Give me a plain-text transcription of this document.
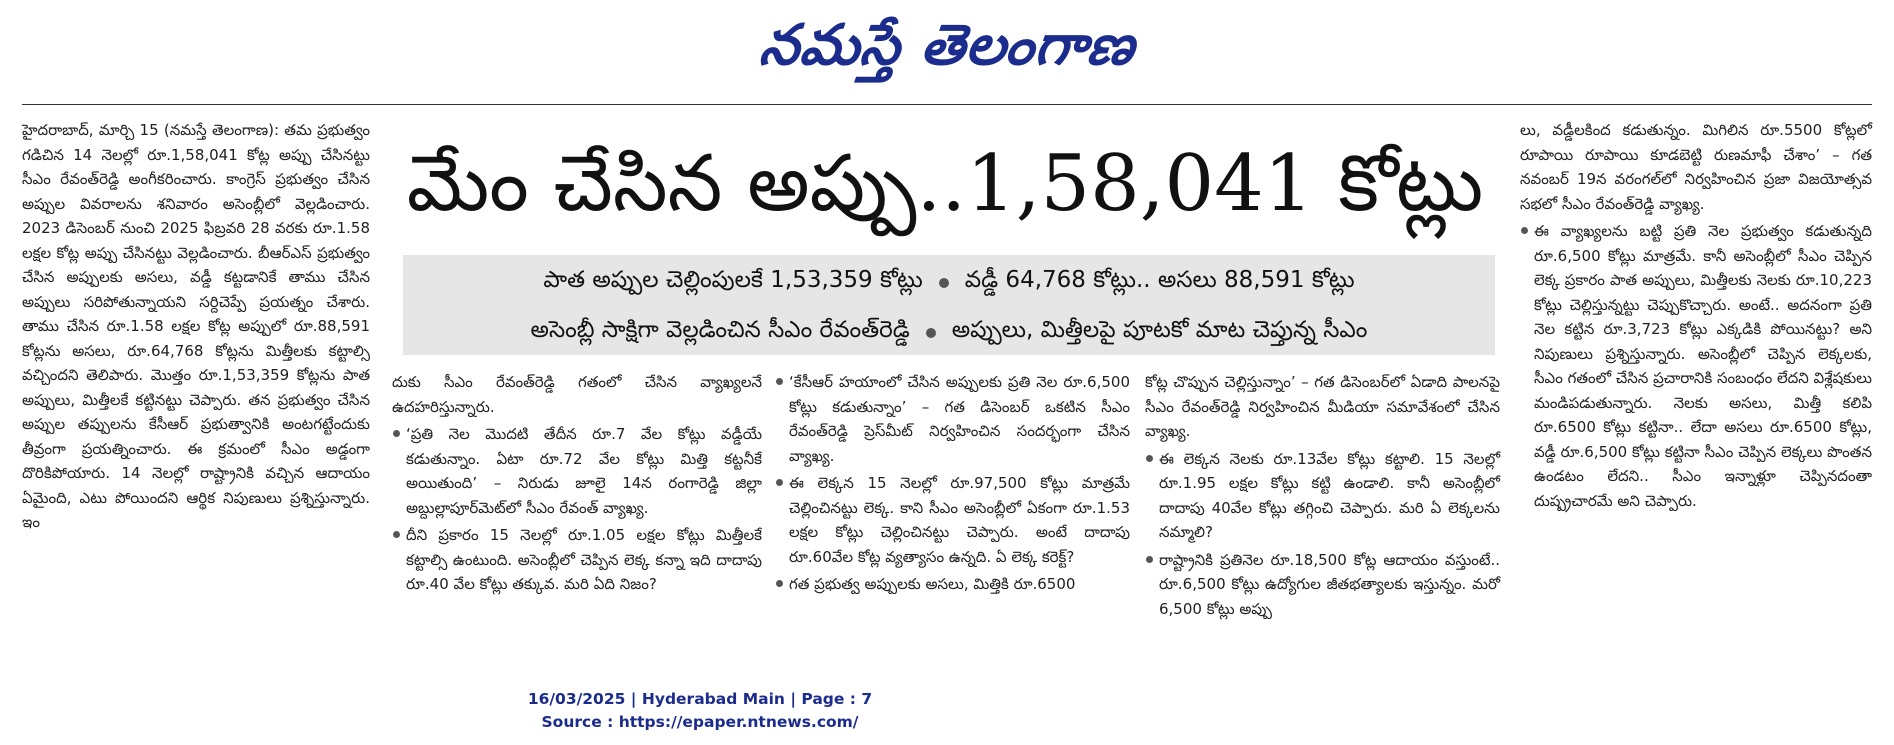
నమస్తే తెలంగాణ

హైదరాబాద్, మార్చి 15 (నమస్తే తెలంగాణ): తమ ప్రభుత్వం గడిచిన 14 నెలల్లో రూ.1,58,041 కోట్ల అప్పు చేసినట్టు సీఎం రేవంత్‌రెడ్డి అంగీకరించారు. కాంగ్రెస్ ప్రభుత్వం చేసిన అప్పుల వివరాలను శనివారం అసెంబ్లీలో వెల్లడించారు. 2023 డిసెంబర్ నుంచి 2025 ఫిబ్రవరి 28 వరకు రూ.1.58 లక్షల కోట్ల అప్పు చేసినట్టు వెల్లడించారు. బీఆర్‌ఎస్ ప్రభుత్వం చేసిన అప్పులకు అసలు, వడ్డీ కట్టడానికే తాము చేసిన అప్పులు సరిపోతున్నాయని సర్దిచెప్పే ప్రయత్నం చేశారు. తాము చేసిన రూ.1.58 లక్షల కోట్ల అప్పులో రూ.88,591 కోట్లను అసలు, రూ.64,768 కోట్లను మిత్తీలకు కట్టాల్సి వచ్చిందని తెలిపారు. మొత్తం రూ.1,53,359 కోట్లను పాత అప్పులు, మిత్తీలకే కట్టినట్టు చెప్పారు. తన ప్రభుత్వం చేసిన అప్పుల తప్పులను కేసీఆర్ ప్రభుత్వానికి అంటగట్టేందుకు తీవ్రంగా ప్రయత్నించారు. ఈ క్రమంలో సీఎం అడ్డంగా దొరికిపోయారు. 14 నెలల్లో రాష్ట్రానికి వచ్చిన ఆదాయం ఏమైంది, ఎటు పోయిందని ఆర్థిక నిపుణులు ప్రశ్నిస్తున్నారు. ఇం

మేం చేసిన అప్పు..1,58,041 కోట్లు
పాత అప్పుల చెల్లింపులకే 1,53,359 కోట్లు వడ్డీ 64,768 కోట్లు.. అసలు 88,591 కోట్లు
అసెంబ్లీ సాక్షిగా వెల్లడించిన సీఎం రేవంత్‌రెడ్డి అప్పులు, మిత్తీలపై పూటకో మాట చెప్తున్న సీఎం

దుకు సీఎం రేవంత్‌రెడ్డి గతంలో చేసిన వ్యాఖ్యలనే ఉదహరిస్తున్నారు.

‘ప్రతి నెల మొదటి తేదీన రూ.7 వేల కోట్లు వడ్డీయే కడుతున్నాం. ఏటా రూ.72 వేల కోట్లు మిత్తి కట్టనీకే అయితుంది’ – నిరుడు జూలై 14న రంగారెడ్డి జిల్లా అబ్దుల్లాపూర్‌మెట్‌లో సీఎం రేవంత్ వ్యాఖ్య.
దీని ప్రకారం 15 నెలల్లో రూ.1.05 లక్షల కోట్లు మిత్తీలకే కట్టాల్సి ఉంటుంది. అసెంబ్లీలో చెప్పిన లెక్క కన్నా ఇది దాదాపు రూ.40 వేల కోట్లు తక్కువ. మరి ఏది నిజం?
‘కేసీఆర్ హయాంలో చేసిన అప్పులకు ప్రతి నెల రూ.6,500 కోట్లు కడుతున్నాం’ – గత డిసెంబర్ ఒకటిన సీఎం రేవంత్‌రెడ్డి ప్రెస్‌మీట్ నిర్వహించిన సందర్భంగా చేసిన వ్యాఖ్య.
ఈ లెక్కన 15 నెలల్లో రూ.97,500 కోట్లు మాత్రమే చెల్లించినట్టు లెక్క. కాని సీఎం అసెంబ్లీలో ఏకంగా రూ.1.53 లక్షల కోట్లు చెల్లించినట్టు చెప్పారు. అంటే దాదాపు రూ.60వేల కోట్ల వ్యత్యాసం ఉన్నది. ఏ లెక్క కరెక్ట్?
గత ప్రభుత్వ అప్పులకు అసలు, మిత్తికి రూ.6500

కోట్ల చొప్పున చెల్లిస్తున్నాం’ – గత డిసెంబర్‌లో ఏడాది పాలనపై సీఎం రేవంత్‌రెడ్డి నిర్వహించిన మీడియా సమావేశంలో చేసిన వ్యాఖ్య.

ఈ లెక్కన నెలకు రూ.13వేల కోట్లు కట్టాలి. 15 నెలల్లో రూ.1.95 లక్షల కోట్లు కట్టి ఉండాలి. కానీ అసెంబ్లీలో దాదాపు 40వేల కోట్లు తగ్గించి చెప్పారు. మరి ఏ లెక్కలను నమ్మాలి?
రాష్ట్రానికి ప్రతినెల రూ.18,500 కోట్ల ఆదాయం వస్తుంటే.. రూ.6,500 కోట్లు ఉద్యోగుల జీతభత్యాలకు ఇస్తున్నం. మరో 6,500 కోట్లు అప్పు

లు, వడ్డీలకింద కడుతున్నం. మిగిలిన రూ.5500 కోట్లలో రూపాయి రూపాయి కూడబెట్టి రుణమాఫీ చేశాం’ – గత నవంబర్ 19న వరంగల్‌లో నిర్వహించిన ప్రజా విజయోత్సవ సభలో సీఎం రేవంత్‌రెడ్డి వ్యాఖ్య.

ఈ వ్యాఖ్యలను బట్టి ప్రతి నెల ప్రభుత్వం కడుతున్నది రూ.6,500 కోట్లు మాత్రమే. కానీ అసెంబ్లీలో సీఎం చెప్పిన లెక్క ప్రకారం పాత అప్పులు, మిత్తీలకు నెలకు రూ.10,223 కోట్లు చెల్లిస్తున్నట్టు చెప్పుకొచ్చారు. అంటే.. అదనంగా ప్రతి నెల కట్టిన రూ.3,723 కోట్లు ఎక్కడికి పోయినట్టు? అని నిపుణులు ప్రశ్నిస్తున్నారు. అసెంబ్లీలో చెప్పిన లెక్కలకు, సీఎం గతంలో చేసిన ప్రచారానికి సంబంధం లేదని విశ్లేషకులు మండిపడుతున్నారు. నెలకు అసలు, మిత్తీ కలిపి రూ.6500 కోట్లు కట్టినా.. లేదా అసలు రూ.6500 కోట్లు, వడ్డీ రూ.6,500 కోట్లు కట్టినా సీఎం చెప్పిన లెక్కలు పొంతన ఉండటం లేదని.. సీఎం ఇన్నాళ్లూ చెప్పినదంతా దుష్ప్రచారమే అని చెప్పారు.
16/03/2025 | Hyderabad Main | Page : 7
Source : https://epaper.ntnews.com/
